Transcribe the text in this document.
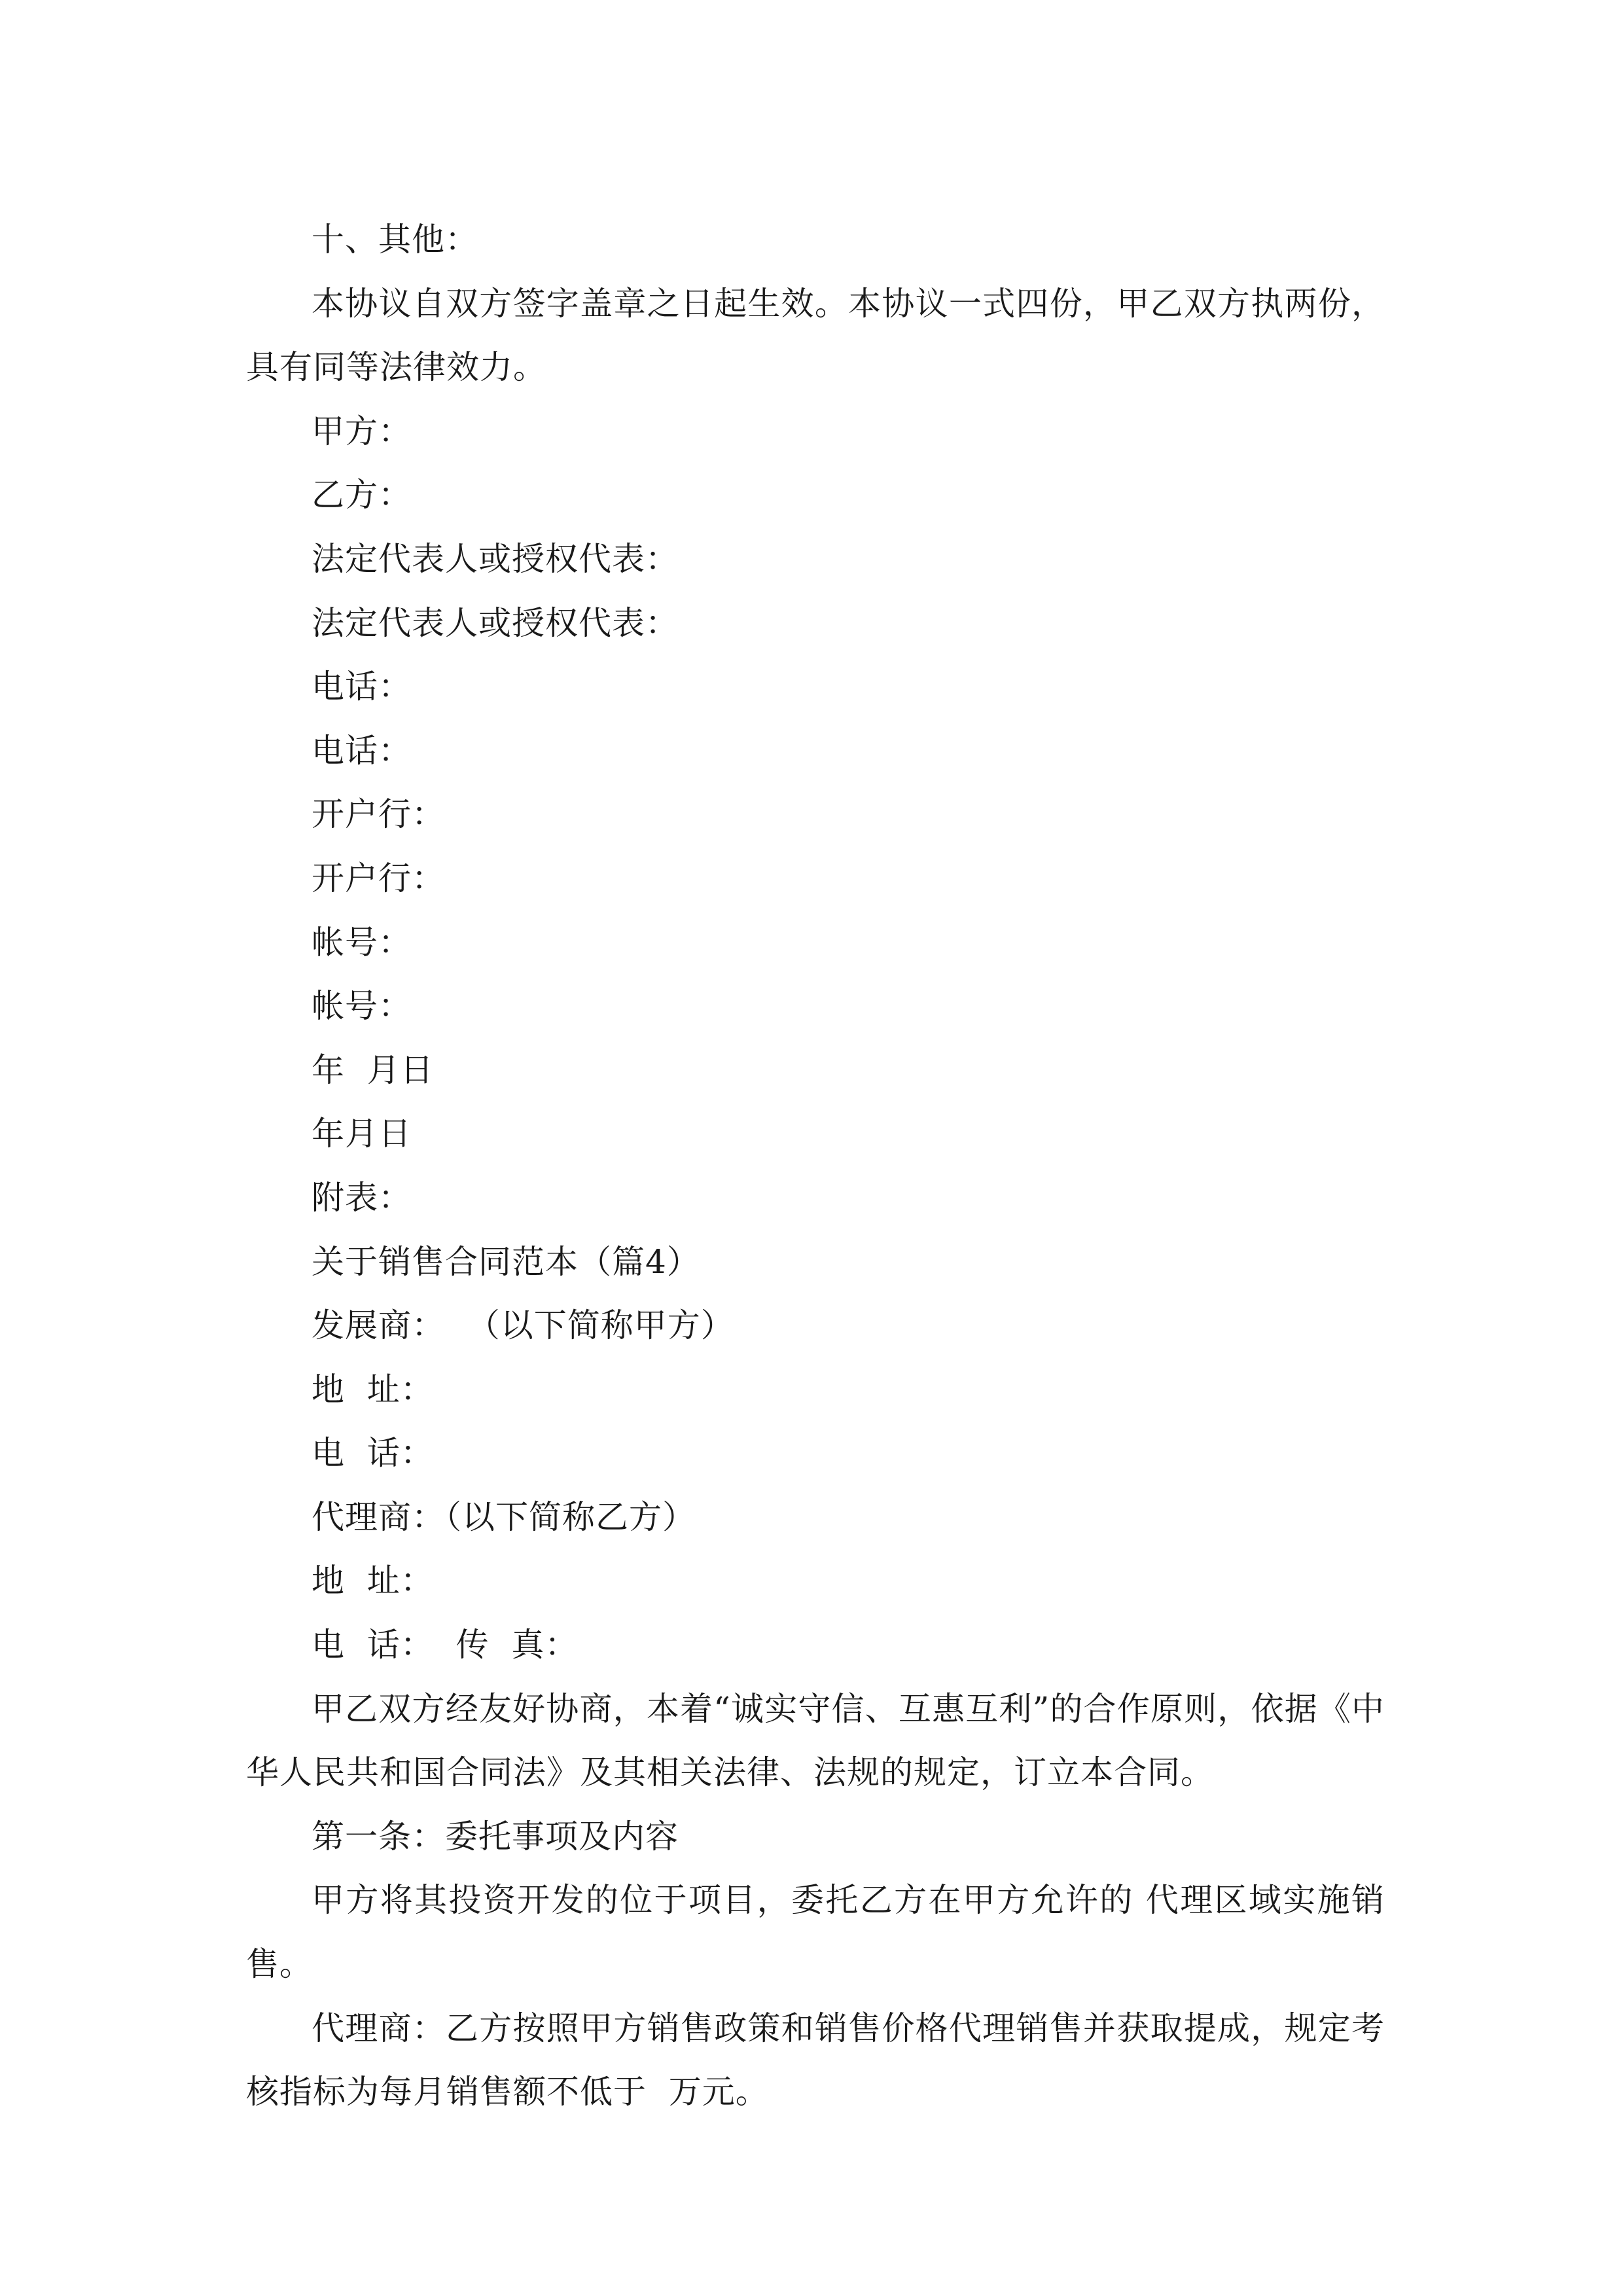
十、其他：
本协议自双方签字盖章之日起生效。本协议一式四份，甲乙双方执两份，具有同等法律效力。
甲方：
乙方：
法定代表人或授权代表：
法定代表人或授权代表：
电话：
电话：
开户行：
开户行：
帐号：
帐号：
年  月日
年月日
附表：
关于销售合同范本（篇4）
发展商：  （以下简称甲方）
地  址：
电  话：
代理商：（以下简称乙方）
地  址：
电  话：  传  真：
甲乙双方经友好协商，本着“诚实守信、互惠互利”的合作原则，依据《中华人民共和国合同法》及其相关法律、法规的规定，订立本合同。
第一条：委托事项及内容
甲方将其投资开发的位于项目，委托乙方在甲方允许的 代理区域实施销售。
代理商：乙方按照甲方销售政策和销售价格代理销售并获取提成，规定考核指标为每月销售额不低于  万元。
